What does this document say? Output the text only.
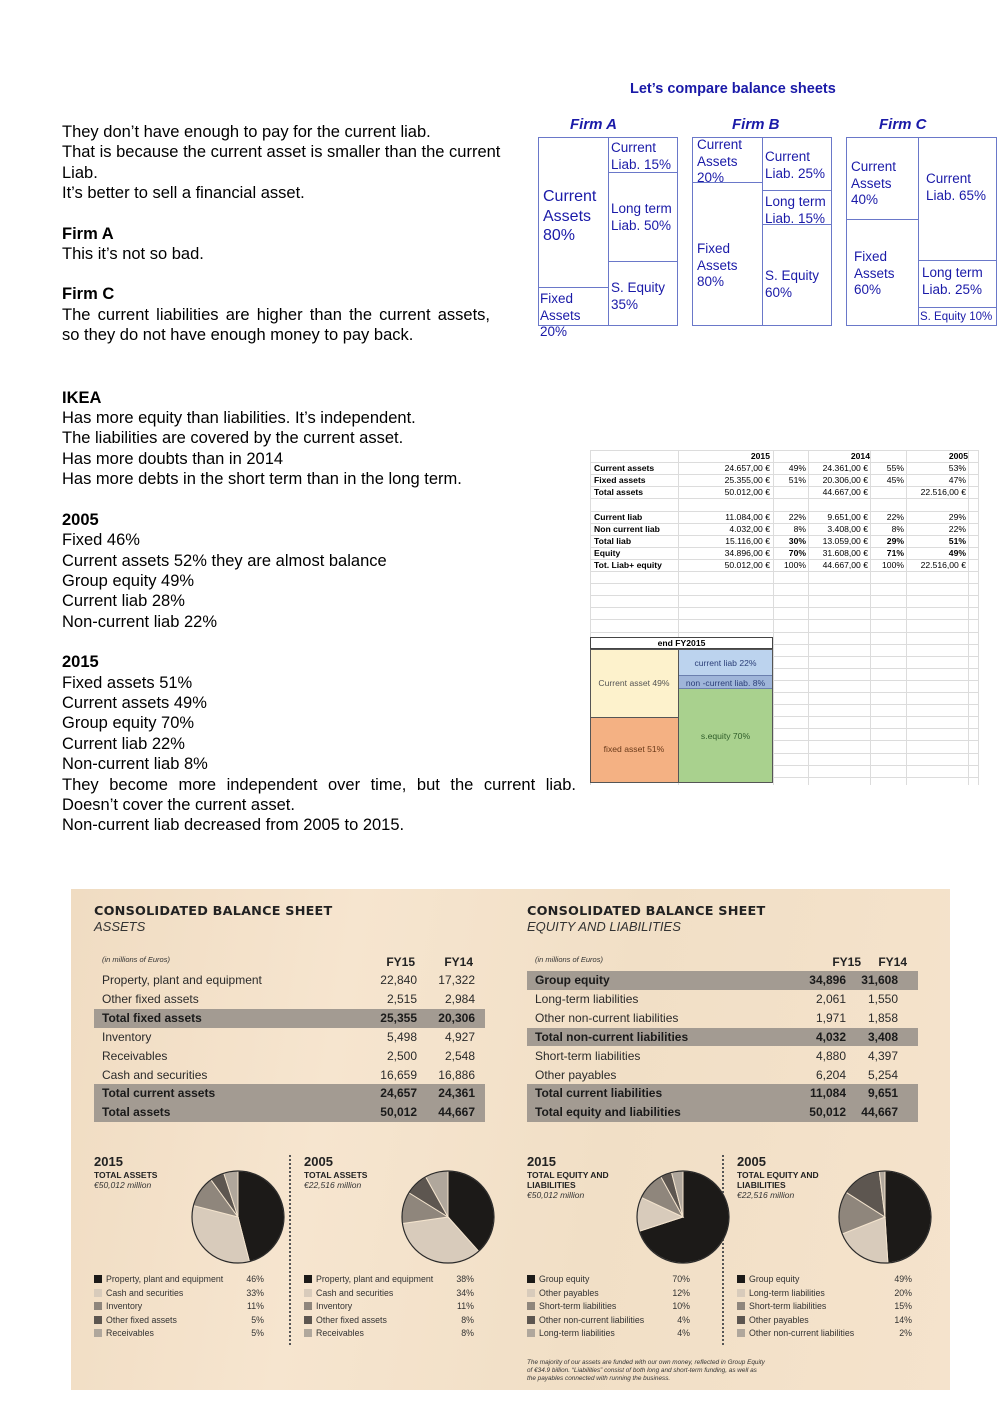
They don’t have enough to pay for the current liab.

That is because the current asset is smaller than the current Liab.

It’s better to sell a financial asset.

Firm A

This it’s not so bad.

Firm C

The current liabilities are higher than the current assets, so they do not have enough money to pay back.

IKEA

Has more equity than liabilities. It’s independent.

The liabilities are covered by the current asset.

Has more doubts than in 2014

Has more debts in the short term than in the long term.

2005

Fixed 46%

Current assets 52% they are almost balance

Group equity 49%

Current liab 28%

Non-current liab 22%

2015

Fixed assets 51%

Current assets 49%

Group equity 70%

Current liab 22%

Non-current liab 8%

They become more independent over time, but the current liab. Doesn’t cover the current asset.

Non-current liab decreased from 2005 to 2015.

Let’s compare balance sheets
Firm A
Current Liab. 15%
Current Assets 80%
Long term Liab. 50%
S. Equity 35%
Fixed Assets 20%
Firm B
Current Assets 20%
Current Liab. 25%
Long term Liab. 15%
Fixed Assets 80%	S. Equity 60%
Firm C
Current Assets 40%
Current Liab. 65%
Fixed Assets 60%
Long term Liab. 25%
S. Equity 10%
2015	2014	2005
Current assets	24.657,00 €	49%	24.361,00 €	55%	53%
Fixed assets	25.355,00 €	51%	20.306,00 €	45%	47%
Total assets	50.012,00 €	44.667,00 €	22.516,00 €
Current liab	11.084,00 €	22%	9.651,00 €	22%	29%
Non current liab	4.032,00 €	8%	3.408,00 €	8%	22%
Total liab	15.116,00 €	30%	13.059,00 €	29%	51%
Equity	34.896,00 €	70%	31.608,00 €	71%	49%
Tot. Liab+ equity	50.012,00 €	100%	44.667,00 €	100%	22.516,00 €
end FY2015
current liab 22%
non -current liab. 8%
Current asset 49%
s.equity 70%
fixed asset 51%
CONSOLIDATED BALANCE SHEET
ASSETS
(in millions of Euros)	FY15	FY14
Property, plant and equipment	22,840	17,322
Other fixed assets	2,515	2,984
Total fixed assets	25,355	20,306
Inventory	5,498	4,927
Receivables	2,500	2,548
Cash and securities	16,659	16,886
Total current assets	24,657	24,361
Total assets	50,012	44,667
CONSOLIDATED BALANCE SHEET
EQUITY AND LIABILITIES
(in millions of Euros)	FY15	FY14
Group equity	34,896	31,608
Long-term liabilities	2,061	1,550
Other non-current liabilities	1,971	1,858
Total non-current liabilities	4,032	3,408
Short-term liabilities	4,880	4,397
Other payables	6,204	5,254
Total current liabilities	11,084	9,651
Total equity and liabilities	50,012	44,667
2015
TOTAL ASSETS
€50,012 million
Property, plant and equipment	46%
Cash and securities	33%
Inventory	11%
Other fixed assets	5%
Receivables	5%
2005
TOTAL ASSETS
€22,516 million
Property, plant and equipment	38%
Cash and securities	34%
Inventory	11%
Other fixed assets	8%
Receivables	8%
2015
TOTAL EQUITY AND
LIABILITIES
€50,012 million
Group equity	70%
Other payables	12%
Short-term liabilities	10%
Other non-current liabilities	4%
Long-term liabilities	4%
2005
TOTAL EQUITY AND
LIABILITIES
€22,516 million
Group equity	49%
Long-term liabilities	20%
Short-term liabilities	15%
Other payables	14%
Other non-current liabilities	2%
The majority of our assets are funded with our own money, reflected in Group Equity
of €34.9 billion. “Liabilities” consist of both long and short-term funding, as well as
the payables connected with running the business.
